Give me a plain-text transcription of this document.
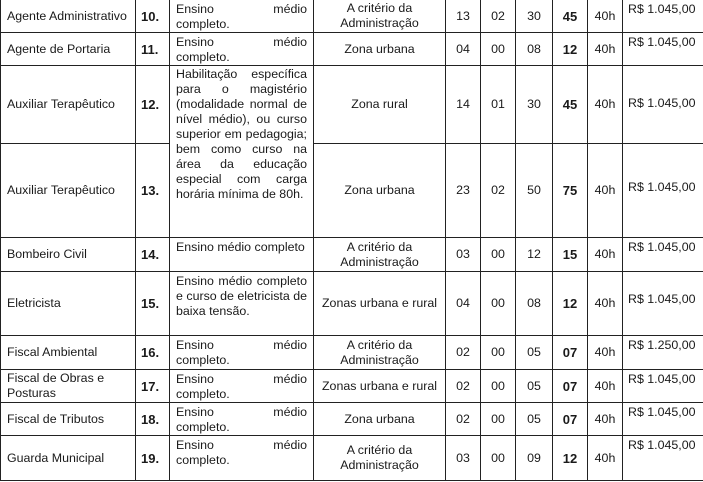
Agente Administrativo	10.	Ensino médio completo.	A critério da Administração	13	02	30	45	40h	R$ 1.045,00
Agente de Portaria	11.	Ensino médio completo.	Zona urbana	04	00	08	12	40h	R$ 1.045,00
Auxiliar Terapêutico	12.	Habilitação específica para o magistério (modalidade normal de nível médio), ou curso superior em pedagogia; bem como curso na área da educação especial com carga horária mínima de 80h.	Zona rural	14	01	30	45	40h	R$ 1.045,00
Auxiliar Terapêutico	13.		Zona urbana	23	02	50	75	40h	R$ 1.045,00
Bombeiro Civil	14.	Ensino médio completo	A critério da Administração	03	00	12	15	40h	R$ 1.045,00
Eletricista	15.	Ensino médio completo e curso de eletricista de baixa tensão.	Zonas urbana e rural	04	00	08	12	40h	R$ 1.045,00
Fiscal Ambiental	16.	Ensino médio completo.	A critério da Administração	02	00	05	07	40h	R$ 1.250,00
Fiscal de Obras e Posturas	17.	Ensino médio completo.	Zonas urbana e rural	02	00	05	07	40h	R$ 1.045,00
Fiscal de Tributos	18.	Ensino médio completo.	Zona urbana	02	00	05	07	40h	R$ 1.045,00
Guarda Municipal	19.	Ensino médio completo.	A critério da Administração	03	00	09	12	40h	R$ 1.045,00
